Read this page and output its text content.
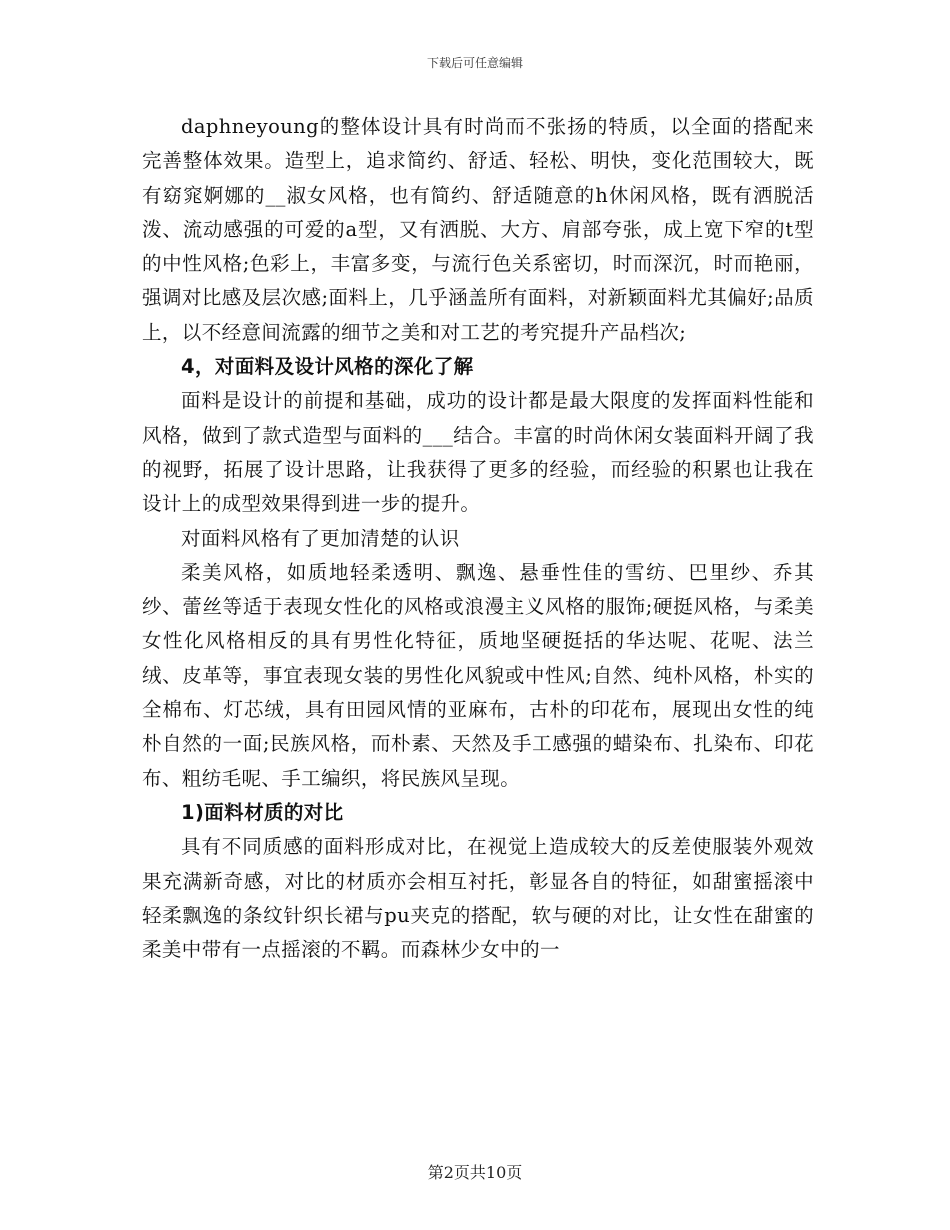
下载后可任意编辑

daphneyoung的整体设计具有时尚而不张扬的特质，以全面的搭配来完善整体效果。造型上，追求简约、舒适、轻松、明快，变化范围较大，既有窈窕婀娜的__淑女风格，也有简约、舒适随意的h休闲风格，既有洒脱活泼、流动感强的可爱的a型，又有洒脱、大方、肩部夸张，成上宽下窄的t型的中性风格;色彩上，丰富多变，与流行色关系密切，时而深沉，时而艳丽，强调对比感及层次感;面料上，几乎涵盖所有面料，对新颖面料尤其偏好;品质上，以不经意间流露的细节之美和对工艺的考究提升产品档次;

4，对面料及设计风格的深化了解

面料是设计的前提和基础，成功的设计都是最大限度的发挥面料性能和风格，做到了款式造型与面料的___结合。丰富的时尚休闲女装面料开阔了我的视野，拓展了设计思路，让我获得了更多的经验，而经验的积累也让我在设计上的成型效果得到进一步的提升。

对面料风格有了更加清楚的认识

柔美风格，如质地轻柔透明、飘逸、悬垂性佳的雪纺、巴里纱、乔其纱、蕾丝等适于表现女性化的风格或浪漫主义风格的服饰;硬挺风格，与柔美女性化风格相反的具有男性化特征，质地坚硬挺括的华达呢、花呢、法兰绒、皮革等，事宜表现女装的男性化风貌或中性风;自然、纯朴风格，朴实的全棉布、灯芯绒，具有田园风情的亚麻布，古朴的印花布，展现出女性的纯朴自然的一面;民族风格，而朴素、天然及手工感强的蜡染布、扎染布、印花布、粗纺毛呢、手工编织，将民族风呈现。

1)面料材质的对比

具有不同质感的面料形成对比，在视觉上造成较大的反差使服装外观效果充满新奇感，对比的材质亦会相互衬托，彰显各自的特征，如甜蜜摇滚中轻柔飘逸的条纹针织长裙与pu夹克的搭配，软与硬的对比，让女性在甜蜜的柔美中带有一点摇滚的不羁。而森林少女中的一

第2页共10页
